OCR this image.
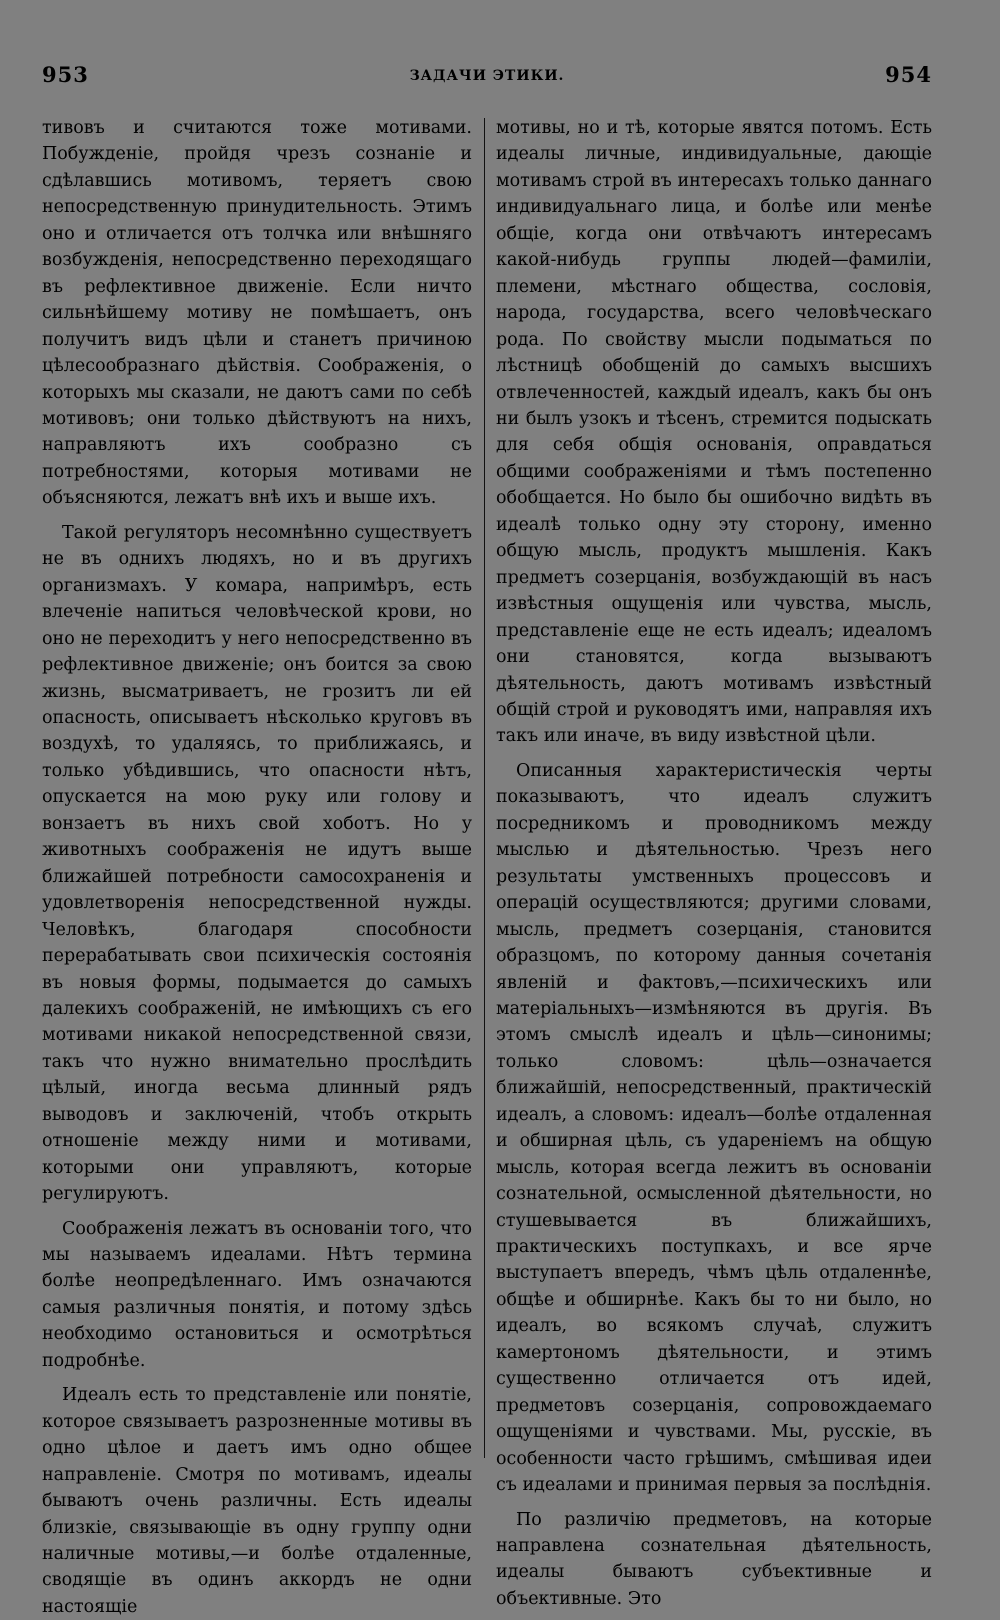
953	ЗАДАЧИ ЭТИКИ.	954

тивовъ и считаются тоже мотивами. Побужденіе, пройдя чрезъ сознаніе и сдѣлавшись мотивомъ, теряетъ свою непосредственную принудительность. Этимъ оно и отличается отъ толчка или внѣшняго возбужденія, непосредственно переходящаго въ рефлективное движеніе. Если ничто сильнѣйшему мотиву не помѣшаетъ, онъ получитъ видъ цѣли и станетъ причиною цѣлесообразнаго дѣйствія. Соображенія, о которыхъ мы сказали, не даютъ сами по себѣ мотивовъ; они только дѣйствуютъ на нихъ, направляютъ ихъ сообразно съ потребностями, которыя мотивами не объясняются, лежатъ внѣ ихъ и выше ихъ.

Такой регуляторъ несомнѣнно существуетъ не въ однихъ людяхъ, но и въ другихъ организмахъ. У комара, напримѣръ, есть влеченіе напиться человѣческой крови, но оно не переходитъ у него непосредственно въ рефлективное движеніе; онъ боится за свою жизнь, высматриваетъ, не грозитъ ли ей опасность, описываетъ нѣсколько круговъ въ воздухѣ, то удаляясь, то приближаясь, и только убѣдившись, что опасности нѣтъ, опускается на мою руку или голову и вонзаетъ въ нихъ свой хоботъ. Но у животныхъ соображенія не идутъ выше ближайшей потребности самосохраненія и удовлетворенія непосредственной нужды. Человѣкъ, благодаря способности перерабатывать свои психическія состоянія въ новыя формы, подымается до самыхъ далекихъ соображеній, не имѣющихъ съ его мотивами никакой непосредственной связи, такъ что нужно внимательно прослѣдить цѣлый, иногда весьма длинный рядъ выводовъ и заключеній, чтобъ открыть отношеніе между ними и мотивами, которыми они управляютъ, которые регулируютъ.

Соображенія лежатъ въ основаніи того, что мы называемъ идеалами. Нѣтъ термина болѣе неопредѣленнаго. Имъ означаются самыя различныя понятія, и потому здѣсь необходимо остановиться и осмотрѣться подробнѣе.

Идеалъ есть то представленіе или понятіе, которое связываетъ разрозненные мотивы въ одно цѣлое и даетъ имъ одно общее направленіе. Смотря по мотивамъ, идеалы бываютъ очень различны. Есть идеалы близкіе, связывающіе въ одну группу одни наличные мотивы,—и болѣе отдаленные, сводящіе въ одинъ аккордъ не одни настоящіе

мотивы, но и тѣ, которые явятся потомъ. Есть идеалы личные, индивидуальные, дающіе мотивамъ строй въ интересахъ только даннаго индивидуальнаго лица, и болѣе или менѣе общіе, когда они отвѣчаютъ интересамъ какой-нибудь группы людей—фамиліи, племени, мѣстнаго общества, сословія, народа, государства, всего человѣческаго рода. По свойству мысли подыматься по лѣстницѣ обобщеній до самыхъ высшихъ отвлеченностей, каждый идеалъ, какъ бы онъ ни былъ узокъ и тѣсенъ, стремится подыскать для себя общія основанія, оправдаться общими соображеніями и тѣмъ постепенно обобщается. Но было бы ошибочно видѣть въ идеалѣ только одну эту сторону, именно общую мысль, продуктъ мышленія. Какъ предметъ созерцанія, возбуждающій въ насъ извѣстныя ощущенія или чувства, мысль, представленіе еще не есть идеалъ; идеаломъ они становятся, когда вызываютъ дѣятельность, даютъ мотивамъ извѣстный общій строй и руководятъ ими, направляя ихъ такъ или иначе, въ виду извѣстной цѣли.

Описанныя характеристическія черты показываютъ, что идеалъ служитъ посредникомъ и проводникомъ между мыслью и дѣятельностью. Чрезъ него результаты умственныхъ процессовъ и операцій осуществляются; другими словами, мысль, предметъ созерцанія, становится образцомъ, по которому данныя сочетанія явленій и фактовъ,—психическихъ или матеріальныхъ—измѣняются въ другія. Въ этомъ смыслѣ идеалъ и цѣль—синонимы; только словомъ: цѣль—означается ближайшій, непосредственный, практическій идеалъ, а словомъ: идеалъ—болѣе отдаленная и обширная цѣль, съ удареніемъ на общую мысль, которая всегда лежитъ въ основаніи сознательной, осмысленной дѣятельности, но стушевывается въ ближайшихъ, практическихъ поступкахъ, и все ярче выступаетъ впередъ, чѣмъ цѣль отдаленнѣе, общѣе и обширнѣе. Какъ бы то ни было, но идеалъ, во всякомъ случаѣ, служитъ камертономъ дѣятельности, и этимъ существенно отличается отъ идей, предметовъ созерцанія, сопровождаемаго ощущеніями и чувствами. Мы, русскіе, въ особенности часто грѣшимъ, смѣшивая идеи съ идеалами и принимая первыя за послѣднія.

По различію предметовъ, на которые направлена сознательная дѣятельность, идеалы бываютъ субъективные и объективные. Это
